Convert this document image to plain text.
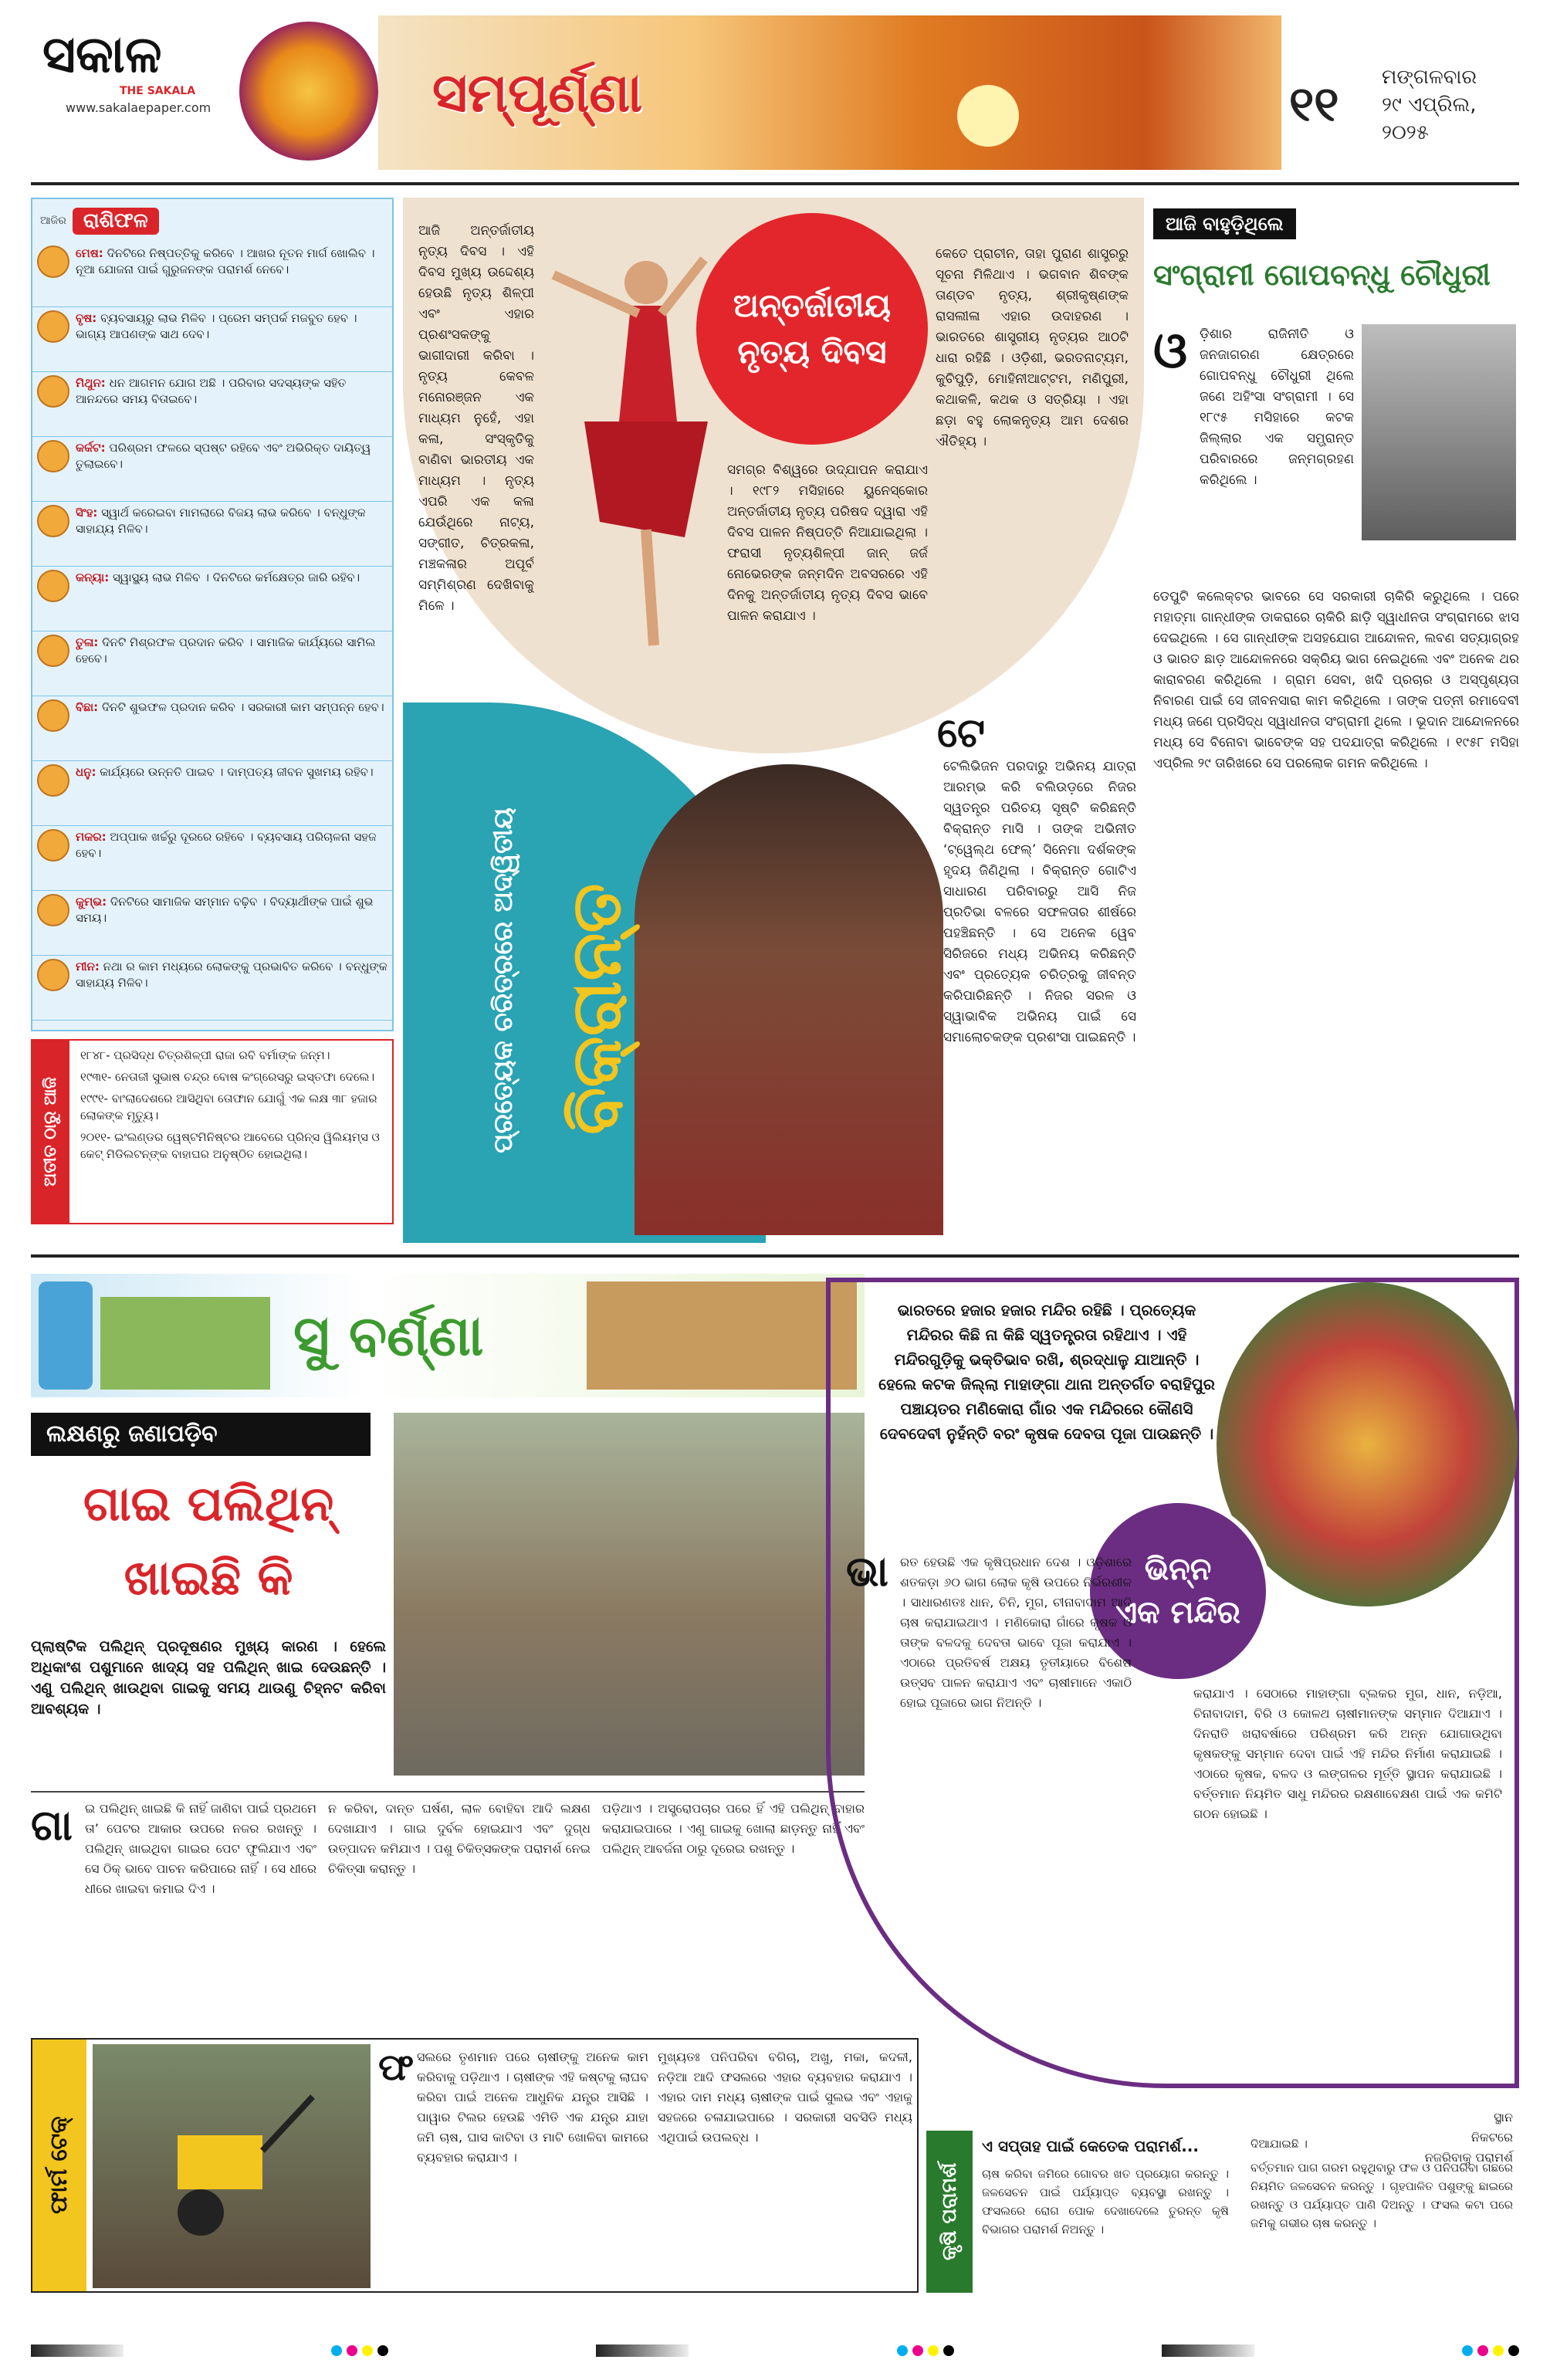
ସକାଳ
THE SAKALA
www.sakalaepaper.com	ସମ୍ପୂର୍ଣ୍ଣା	୧୧	ମଙ୍ଗଳବାର
୨୯ ଏପ୍ରିଲ,
୨୦୨୫
ଆଜିର ରାଶିଫଳ
ମେଷ: ଦିନଟିରେ ନିଷ୍ପତ୍ତିକୁ କରିବେ । ଆଖର ନୂତନ ମାର୍ଗ ଖୋଲିବ । ନୂଆ ଯୋଜନା ପାଇଁ ଗୁରୁଜନଙ୍କ ପରାମର୍ଶ ନେବେ।
ବୃଷ: ବ୍ୟବସାୟରୁ ଲାଭ ମିଳିବ । ପ୍ରେମ ସମ୍ପର୍କ ମଜବୁତ ହେବ । ଭାଗ୍ୟ ଆପଣଙ୍କ ସାଥ ଦେବ।
ମିଥୁନ: ଧନ ଆଗମନ ଯୋଗ ଅଛି । ପରିବାର ସଦସ୍ୟଙ୍କ ସହିତ ଆନନ୍ଦରେ ସମୟ ବିତାଇବେ।
କର୍କଟ: ପରିଶ୍ରମ ଫଳରେ ସ୍ପଷ୍ଟ ରହିବେ ଏବଂ ଅଭିରିକ୍ତ ଦାୟିତ୍ୱ ତୁଲାଇବେ।
ସିଂହ: ସ୍ୱାର୍ଥ କରେଇବା ମାମଲାରେ ବିଜୟ ଲାଭ କରିବେ । ବନ୍ଧୁଙ୍କ ସାହାଯ୍ୟ ମିଳିବ।
କନ୍ୟା: ସ୍ୱାସ୍ଥ୍ୟ ଲାଭ ମିଳିବ । ଦିନଟିରେ କର୍ମକ୍ଷେତ୍ର ଜାରି ରହିବ।
ତୁଳା: ଦିନଟି ମିଶ୍ରଫଳ ପ୍ରଦାନ କରିବ । ସାମାଜିକ କାର୍ଯ୍ୟରେ ସାମିଲ ହେବେ।
ବିଛା: ଦିନଟି ଶୁଭଫଳ ପ୍ରଦାନ କରିବ । ସରକାରୀ କାମ ସମ୍ପନ୍ନ ହେବ।
ଧନୁ: କାର୍ଯ୍ୟରେ ଉନ୍ନତି ପାଇବ । ଦାମ୍ପତ୍ୟ ଜୀବନ ସୁଖମୟ ରହିବ।
ମକର: ଅପ୍ପାକ ଖର୍ଚ୍ଚରୁ ଦୂରରେ ରହିବେ । ବ୍ୟବସାୟ ପରିଚାଳନା ସହଜ ହେବ।
କୁମ୍ଭ: ଦିନଟିରେ ସାମାଜିକ ସମ୍ମାନ ବଢ଼ିବ । ବିଦ୍ୟାର୍ଥୀଙ୍କ ପାଇଁ ଶୁଭ ସମୟ।
ମୀନ: ନଥା ର କାମ ମଧ୍ୟରେ ଲୋକଙ୍କୁ ପ୍ରଭାବିତ କରିବେ । ବନ୍ଧୁଙ୍କ ସାହାଯ୍ୟ ମିଳିବ।
ଅତୀତ ଠାରୁ ଆଜି
୧୮୪୮- ପ୍ରସିଦ୍ଧ ଚିତ୍ରଶିଳ୍ପୀ ରାଜା ରବି ବର୍ମାଙ୍କ ଜନ୍ମ।
୧୯୩୧- ନେତାଜୀ ସୁଭାଷ ଚନ୍ଦ୍ର ବୋଷ କଂଗ୍ରେସରୁ ଇସ୍ତଫା ଦେଲେ।
୧୯୯୧- ବାଂଲାଦେଶରେ ଆସିଥିବା ତୋଫାନ ଯୋଗୁଁ ଏକ ଲକ୍ଷ ୩୮ ହଜାର ଲୋକଙ୍କ ମୃତ୍ୟୁ।
୨୦୧୧- ଇଂଲଣ୍ଡର ୱେଷ୍ଟମିନିଷ୍ଟର ଆବେରେ ପ୍ରିନ୍ସ ୱିଲିୟମ୍ସ ଓ କେଟ୍ ମିଡିଲଟନ୍‌ଙ୍କ ବାହାଘର ଅନୁଷ୍ଠିତ ହୋଇଥିଲା।
ଅନ୍ତର୍ଜାତୀୟ
ନୃତ୍ୟ ଦିବସ
ଆଜି ଅନ୍ତର୍ଜାତୀୟ ନୃତ୍ୟ ଦିବସ । ଏହି ଦିବସ ମୁଖ୍ୟ ଉଦ୍ଦେଶ୍ୟ ହେଉଛି ନୃତ୍ୟ ଶିଳ୍ପୀ ଏବଂ ଏହାର ପ୍ରଶଂସକଙ୍କୁ ଭାଗୀଦାରୀ କରିବା । ନୃତ୍ୟ କେବଳ ମନୋରଞ୍ଜନ ଏକ ମାଧ୍ୟମ ନୁହେଁ, ଏହା କଳା, ସଂସ୍କୃତିକୁ ବାଣିବା ଭାରତୀୟ ଏକ ମାଧ୍ୟମ । ନୃତ୍ୟ ଏପରି ଏକ କଳା ଯେଉଁଥିରେ ନାଟ୍ୟ, ସଙ୍ଗୀତ, ଚିତ୍ରକଳା, ମଞ୍ଚକଳାର ଅପୂର୍ବ ସମ୍ମିଶ୍ରଣ ଦେଖିବାକୁ ମିଳେ ।
ସମଗ୍ର ବିଶ୍ୱରେ ଉଦ୍‌ଯାପନ କରାଯାଏ । ୧୯୮୨ ମସିହାରେ ୟୁନେସ୍କୋର ଅନ୍ତର୍ଜାତୀୟ ନୃତ୍ୟ ପରିଷଦ ଦ୍ୱାରା ଏହି ଦିବସ ପାଳନ ନିଷ୍ପତ୍ତି ନିଆଯାଇଥିଲା । ଫରାସୀ ନୃତ୍ୟଶିଳ୍ପୀ ଜାନ୍ ଜର୍ଜ ନୋଭେରଙ୍କ ଜନ୍ମଦିନ ଅବସରରେ ଏହି ଦିନକୁ ଅନ୍ତର୍ଜାତୀୟ ନୃତ୍ୟ ଦିବସ ଭାବେ ପାଳନ କରାଯାଏ ।
କେତେ ପ୍ରାଚୀନ, ତାହା ପୁରାଣ ଶାସ୍ତ୍ରରୁ ସୂଚନା ମିଳିଥାଏ । ଭଗବାନ ଶିବଙ୍କ ତାଣ୍ଡବ ନୃତ୍ୟ, ଶ୍ରୀକୃଷ୍ଣଙ୍କ ରାସଲୀଳା ଏହାର ଉଦାହରଣ । ଭାରତରେ ଶାସ୍ତ୍ରୀୟ ନୃତ୍ୟର ଆଠଟି ଧାରା ରହିଛି । ଓଡ଼ିଶୀ, ଭରତନାଟ୍ୟମ, କୁଚିପୁଡ଼ି, ମୋହିନୀଆଟ୍ଟମ, ମଣିପୁରୀ, କଥାକଳି, କଥକ ଓ ସତ୍ରିୟା । ଏହା ଛଡ଼ା ବହୁ ଲୋକନୃତ୍ୟ ଆମ ଦେଶର ଐତିହ୍ୟ ।
ବିକ୍ରାନ୍ତ
ପ୍ରତ୍ୟେକ ଚରିତ୍ରରେ ଅଦ୍ୱିତୀୟ
ଟେ
ଟେଲିଭିଜନ ପରଦାରୁ ଅଭିନୟ ଯାତ୍ରା ଆରମ୍ଭ କରି ବଲିଉଡ଼ରେ ନିଜର ସ୍ୱତନ୍ତ୍ର ପରିଚୟ ସୃଷ୍ଟି କରିଛନ୍ତି ବିକ୍ରାନ୍ତ ମାସି । ତାଙ୍କ ଅଭିନୀତ ‘ଟ୍ୱେଲ୍‌ଥ ଫେଲ୍’ ସିନେମା ଦର୍ଶକଙ୍କ ହୃଦୟ ଜିଣିଥିଲା । ବିକ୍ରାନ୍ତ ଗୋଟିଏ ସାଧାରଣ ପରିବାରରୁ ଆସି ନିଜ ପ୍ରତିଭା ବଳରେ ସଫଳତାର ଶୀର୍ଷରେ ପହଞ୍ଚିଛନ୍ତି । ସେ ଅନେକ ୱେବ ସିରିଜରେ ମଧ୍ୟ ଅଭିନୟ କରିଛନ୍ତି ଏବଂ ପ୍ରତ୍ୟେକ ଚରିତ୍ରକୁ ଜୀବନ୍ତ କରିପାରିଛନ୍ତି । ନିଜର ସରଳ ଓ ସ୍ୱାଭାବିକ ଅଭିନୟ ପାଇଁ ସେ ସମାଲୋଚକଙ୍କ ପ୍ରଶଂସା ପାଇଛନ୍ତି ।
ଆଜି ବାହୁଡ଼ିଥିଲେ
ସଂଗ୍ରାମୀ ଗୋପବନ୍ଧୁ ଚୌଧୁରୀ
ଓ ଡ଼ିଶାର ରାଜିନୀତି ଓ ଜନଜାଗରଣ କ୍ଷେତ୍ରରେ ଗୋପବନ୍ଧୁ ଚୌଧୁରୀ ଥିଲେ ଜଣେ ଅହିଂସା ସଂଗ୍ରାମୀ । ସେ ୧୮୯୫ ମସିହାରେ କଟକ ଜିଲ୍ଲାର ଏକ ସମ୍ଭ୍ରାନ୍ତ ପରିବାରରେ ଜନ୍ମଗ୍ରହଣ କରିଥିଲେ ।
ଡେପୁଟି କଲେକ୍ଟର ଭାବରେ ସେ ସରକାରୀ ଚାକିରି କରୁଥିଲେ । ପରେ ମହାତ୍ମା ଗାନ୍ଧୀଙ୍କ ଡାକରାରେ ଚାକିରି ଛାଡ଼ି ସ୍ୱାଧୀନତା ସଂଗ୍ରାମରେ ଝାସ ଦେଇଥିଲେ । ସେ ଗାନ୍ଧୀଙ୍କ ଅସହଯୋଗ ଆନ୍ଦୋଳନ, ଲବଣ ସତ୍ୟାଗ୍ରହ ଓ ଭାରତ ଛାଡ଼ ଆନ୍ଦୋଳନରେ ସକ୍ରିୟ ଭାଗ ନେଇଥିଲେ ଏବଂ ଅନେକ ଥର କାରାବରଣ କରିଥିଲେ । ଗ୍ରାମ ସେବା, ଖଦି ପ୍ରଚାର ଓ ଅସ୍ପୃଶ୍ୟତା ନିବାରଣ ପାଇଁ ସେ ଜୀବନସାରା କାମ କରିଥିଲେ । ତାଙ୍କ ପତ୍ନୀ ରମାଦେବୀ ମଧ୍ୟ ଜଣେ ପ୍ରସିଦ୍ଧ ସ୍ୱାଧୀନତା ସଂଗ୍ରାମୀ ଥିଲେ । ଭୂଦାନ ଆନ୍ଦୋଳନରେ ମଧ୍ୟ ସେ ବିନୋବା ଭାବେଙ୍କ ସହ ପଦଯାତ୍ରା କରିଥିଲେ । ୧୯୫୮ ମସିହା ଏପ୍ରିଲ ୨୯ ତାରିଖରେ ସେ ପରଲୋକ ଗମନ କରିଥିଲେ ।
ସୁ ବର୍ଣ୍ଣା
ଲକ୍ଷଣରୁ ଜଣାପଡ଼ିବ
ଗାଇ ପଲିଥିନ୍
ଖାଇଛି କି
ପ୍ଲାଷ୍ଟିକ ପଲିଥିନ୍ ପ୍ରଦୂଷଣର ମୁଖ୍ୟ କାରଣ । ହେଲେ ଅଧିକାଂଶ ପଶୁମାନେ ଖାଦ୍ୟ ସହ ପଲିଥିନ୍ ଖାଇ ଦେଉଛନ୍ତି । ଏଣୁ ପଲିଥିନ୍ ଖାଉଥିବା ଗାଇକୁ ସମୟ ଥାଉଣୁ ଚିହ୍ନଟ କରିବା ଆବଶ୍ୟକ ।
ଗା	ଇ ପଲିଥିନ୍ ଖାଇଛି କି ନାହିଁ ଜାଣିବା ପାଇଁ ପ୍ରଥମେ ତା’ ପେଟର ଆକାର ଉପରେ ନଜର ରଖନ୍ତୁ । ପଲିଥିନ୍ ଖାଇଥିବା ଗାଇର ପେଟ ଫୁଲିଯାଏ ଏବଂ ସେ ଠିକ୍ ଭାବେ ପାଚନ କରିପାରେ ନାହିଁ । ସେ ଧୀରେ ଧୀରେ ଖାଇବା କମାଇ ଦିଏ ।
ନ କରିବା, ଦାନ୍ତ ଘର୍ଷଣ, ଲାଳ ବୋହିବା ଆଦି ଲକ୍ଷଣ ଦେଖାଯାଏ । ଗାଇ ଦୁର୍ବଳ ହୋଇଯାଏ ଏବଂ ଦୁଗ୍ଧ ଉତ୍ପାଦନ କମିଯାଏ । ପଶୁ ଚିକିତ୍ସକଙ୍କ ପରାମର୍ଶ ନେଇ ଚିକିତ୍ସା କରାନ୍ତୁ ।
ପଡ଼ିଥାଏ । ଅସ୍ତ୍ରୋପଚାର ପରେ ହିଁ ଏହି ପଲିଥିନ୍ ବାହାର କରାଯାଇପାରେ । ଏଣୁ ଗାଇକୁ ଖୋଲା ଛାଡ଼ନ୍ତୁ ନାହିଁ ଏବଂ ପଲିଥିନ୍ ଆବର୍ଜନା ଠାରୁ ଦୂରେଇ ରଖନ୍ତୁ ।
ଭାରତରେ ହଜାର ହଜାର ମନ୍ଦିର ରହିଛି । ପ୍ରତ୍ୟେକ ମନ୍ଦିରର କିଛି ନା କିଛି ସ୍ୱତନ୍ତ୍ରତା ରହିଥାଏ । ଏହି ମନ୍ଦିରଗୁଡ଼ିକୁ ଭକ୍ତିଭାବ ରଖି, ଶ୍ରଦ୍ଧାଳୁ ଯାଆନ୍ତି । ହେଲେ କଟକ ଜିଲ୍ଲା ମାହାଙ୍ଗା ଥାନା ଅନ୍ତର୍ଗତ ବରାହିପୁର ପଞ୍ଚାୟତର ମଣିକୋରା ଗାଁର ଏକ ମନ୍ଦିରରେ କୌଣସି ଦେବଦେବୀ ନୁହଁନ୍ତି ବରଂ କୃଷକ ଦେବତା ପୂଜା ପାଉଛନ୍ତି ।
ଭିନ୍ନ
ଏକ ମନ୍ଦିର
ଭା ରତ ହେଉଛି ଏକ କୃଷିପ୍ରଧାନ ଦେଶ । ଓଡ଼ିଶାରେ ଶତକଡ଼ା ୬୦ ଭାଗ ଲୋକ କୃଷି ଉପରେ ନିର୍ଭରଶୀଳ । ସାଧାରଣତଃ ଧାନ, ଚିନି, ମୁଗ, ଚୀନାବାଦାମ ଆଦି ଚାଷ କରାଯାଇଥାଏ । ମଣିକୋରା ଗାଁରେ କୃଷକ ଓ ତାଙ୍କ ବଳଦକୁ ଦେବତା ଭାବେ ପୂଜା କରାଯାଏ । ଏଠାରେ ପ୍ରତିବର୍ଷ ଅକ୍ଷୟ ତୃତୀୟାରେ ବିଶେଷ ଉତ୍ସବ ପାଳନ କରାଯାଏ ଏବଂ ଚାଷୀମାନେ ଏକାଠି ହୋଇ ପୂଜାରେ ଭାଗ ନିଅନ୍ତି ।
କରାଯାଏ । ସେଠାରେ ମାହାଙ୍ଗା ବ୍ଲକର ମୁଗ, ଧାନ, ନଡ଼ିଆ, ଚିନାବାଦାମ, ବିରି ଓ କୋଳଥ ଚାଷୀମାନଙ୍କ ସମ୍ମାନ ଦିଆଯାଏ । ଦିନରାତି ଖରାବର୍ଷାରେ ପରିଶ୍ରମ କରି ଅନ୍ନ ଯୋଗାଉଥିବା କୃଷକଙ୍କୁ ସମ୍ମାନ ଦେବା ପାଇଁ ଏହି ମନ୍ଦିର ନିର୍ମାଣ କରାଯାଇଛି । ଏଠାରେ କୃଷକ, ବଳଦ ଓ ଲଙ୍ଗଳର ମୂର୍ତ୍ତି ସ୍ଥାପନ କରାଯାଇଛି । ବର୍ତ୍ତମାନ ନିୟମିତ ସାଧୁ ମନ୍ଦିରର ରକ୍ଷଣାବେକ୍ଷଣ ପାଇଁ ଏକ କମିଟି ଗଠନ ହୋଇଛି ।
ସ୍ଥାନ
ନିକଟରେ
ନଜରିବାକୁ ପରାମର୍ଶ
ଫାର୍ମ ଟେକ୍
ଫ ସଲରେ ତୃଣମାନ ପରେ ଚାଷୀଙ୍କୁ ଅନେକ କାମ କରିବାକୁ ପଡ଼ିଥାଏ । ଚାଷୀଙ୍କ ଏହି କଷ୍ଟକୁ ଲାଘବ କରିବା ପାଇଁ ଅନେକ ଆଧୁନିକ ଯନ୍ତ୍ର ଆସିଛି । ପାୱାର ଟିଲର ହେଉଛି ଏମିତି ଏକ ଯନ୍ତ୍ର ଯାହା ଜମି ଚାଷ, ଘାସ କାଟିବା ଓ ମାଟି ଖୋଳିବା କାମରେ ବ୍ୟବହାର କରାଯାଏ ।
ମୁଖ୍ୟତଃ ପନିପରିବା ବଗିଚା, ଅଖୁ, ମକା, କଦଳୀ, ନଡ଼ିଆ ଆଦି ଫସଲରେ ଏହାର ବ୍ୟବହାର କରାଯାଏ । ଏହାର ଦାମ ମଧ୍ୟ ଚାଷୀଙ୍କ ପାଇଁ ସୁଲଭ ଏବଂ ଏହାକୁ ସହଜରେ ଚଳାଯାଇପାରେ । ସରକାରୀ ସବସିଡି ମଧ୍ୟ ଏଥିପାଇଁ ଉପଲବ୍ଧ ।
କୃଷି ପରାମର୍ଶ
ଏ ସପ୍ତାହ ପାଇଁ କେତେକ ପରାମର୍ଶ...
ଚାଷ କରିବା ଜମିରେ ଗୋବର ଖତ ପ୍ରୟୋଗ କରନ୍ତୁ । ଜଳସେଚନ ପାଇଁ ପର୍ଯ୍ୟାପ୍ତ ବ୍ୟବସ୍ଥା ରଖନ୍ତୁ । ଫସଲରେ ରୋଗ ପୋକ ଦେଖାଦେଲେ ତୁରନ୍ତ କୃଷି ବିଭାଗର ପରାମର୍ଶ ନିଅନ୍ତୁ ।
ଦିଆଯାଇଛି ।
ବର୍ତ୍ତମାନ ପାଗ ଗରମ ରହୁଥିବାରୁ ଫଳ ଓ ପନିପରିବା ଗଛରେ ନିୟମିତ ଜଳସେଚନ କରନ୍ତୁ । ଗୃହପାଳିତ ପଶୁଙ୍କୁ ଛାଇରେ ରଖନ୍ତୁ ଓ ପର୍ଯ୍ୟାପ୍ତ ପାଣି ଦିଅନ୍ତୁ । ଫସଲ କଟା ପରେ ଜମିକୁ ଗଭୀର ଚାଷ କରନ୍ତୁ ।
